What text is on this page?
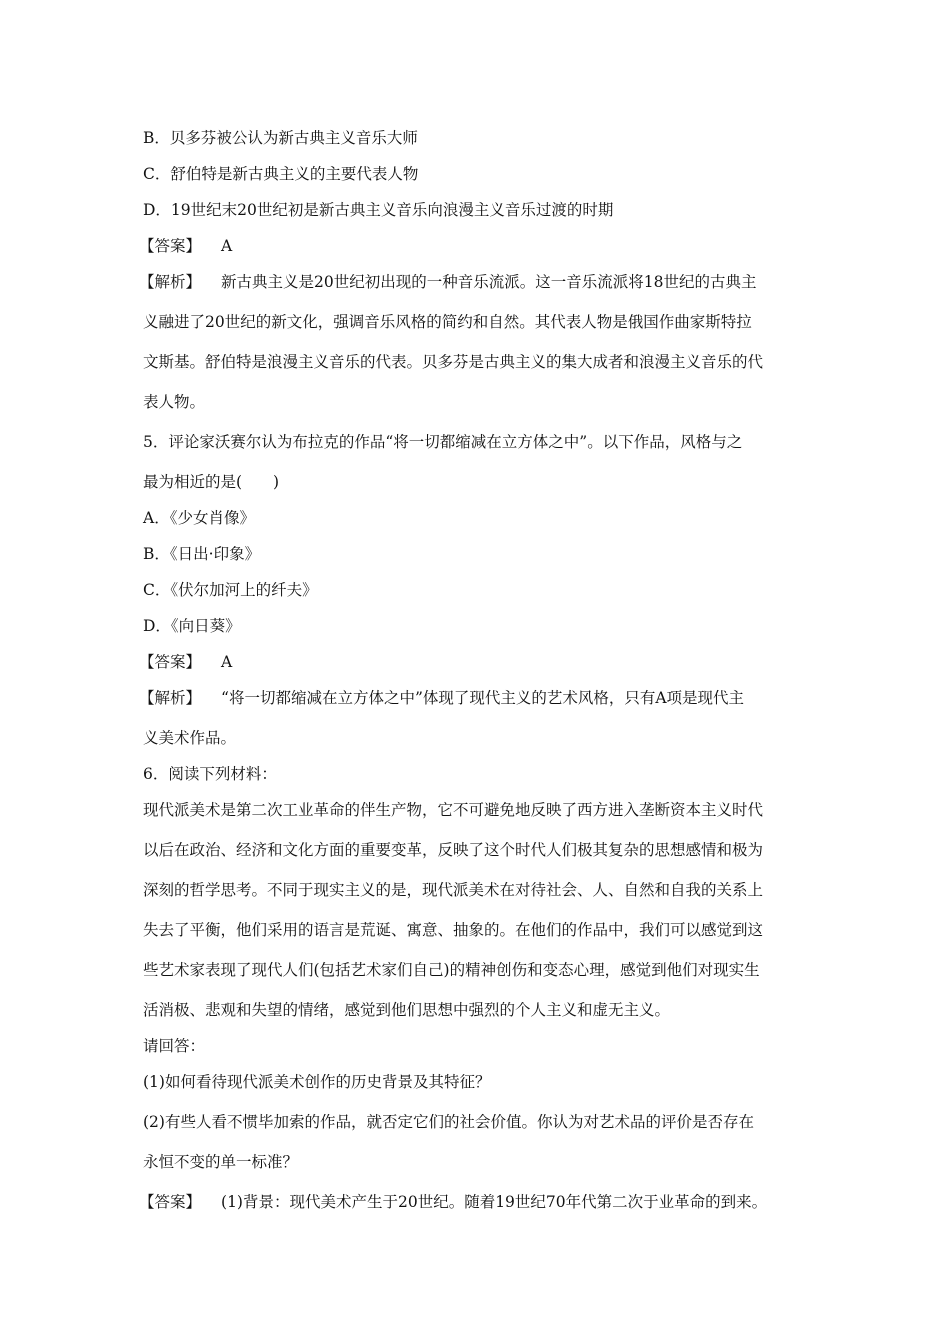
B．贝多芬被公认为新古典主义音乐大师
C．舒伯特是新古典主义的主要代表人物
D．19世纪末20世纪初是新古典主义音乐向浪漫主义音乐过渡的时期
【答案】 A
【解析】 新古典主义是20世纪初出现的一种音乐流派。这一音乐流派将18世纪的古典主
义融进了20世纪的新文化，强调音乐风格的简约和自然。其代表人物是俄国作曲家斯特拉
文斯基。舒伯特是浪漫主义音乐的代表。贝多芬是古典主义的集大成者和浪漫主义音乐的代
表人物。
5．评论家沃赛尔认为布拉克的作品“将一切都缩减在立方体之中”。以下作品，风格与之
最为相近的是(　　)
A．《少女肖像》
B．《日出·印象》
C．《伏尔加河上的纤夫》
D．《向日葵》
【答案】 A
【解析】 “将一切都缩减在立方体之中”体现了现代主义的艺术风格，只有A项是现代主
义美术作品。
6．阅读下列材料：
现代派美术是第二次工业革命的伴生产物，它不可避免地反映了西方进入垄断资本主义时代
以后在政治、经济和文化方面的重要变革，反映了这个时代人们极其复杂的思想感情和极为
深刻的哲学思考。不同于现实主义的是，现代派美术在对待社会、人、自然和自我的关系上
失去了平衡，他们采用的语言是荒诞、寓意、抽象的。在他们的作品中，我们可以感觉到这
些艺术家表现了现代人们(包括艺术家们自己)的精神创伤和变态心理，感觉到他们对现实生
活消极、悲观和失望的情绪，感觉到他们思想中强烈的个人主义和虚无主义。
请回答：
(1)如何看待现代派美术创作的历史背景及其特征？
(2)有些人看不惯毕加索的作品，就否定它们的社会价值。你认为对艺术品的评价是否存在
永恒不变的单一标准？
【答案】 (1)背景：现代美术产生于20世纪。随着19世纪70年代第二次于业革命的到来。
